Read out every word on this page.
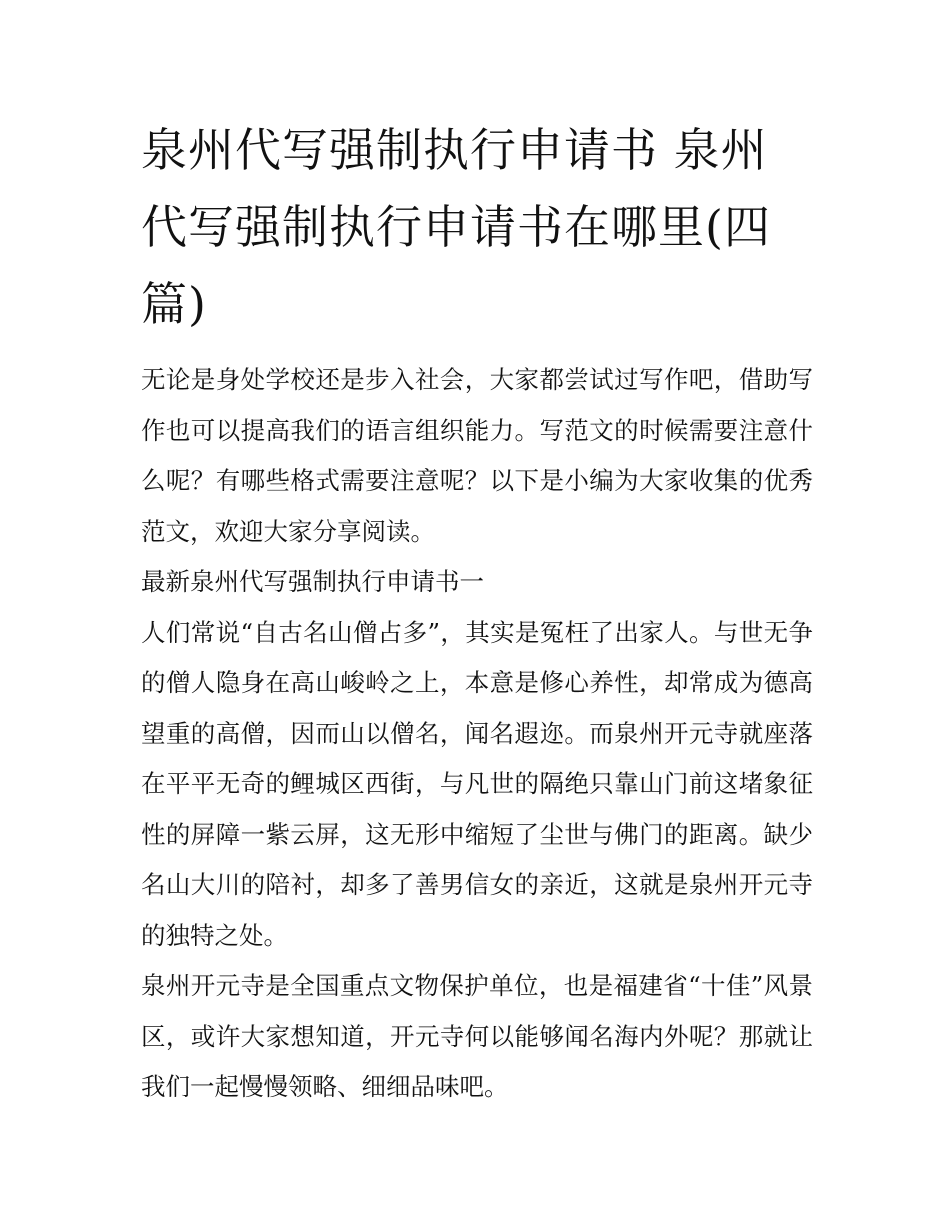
泉州代写强制执行申请书 泉州代写强制执行申请书在哪里(四篇)

无论是身处学校还是步入社会，大家都尝试过写作吧，借助写作也可以提高我们的语言组织能力。写范文的时候需要注意什么呢？有哪些格式需要注意呢？以下是小编为大家收集的优秀范文，欢迎大家分享阅读。

最新泉州代写强制执行申请书一

人们常说“自古名山僧占多”，其实是冤枉了出家人。与世无争的僧人隐身在高山峻岭之上，本意是修心养性，却常成为德高望重的高僧，因而山以僧名，闻名遐迩。而泉州开元寺就座落在平平无奇的鲤城区西街，与凡世的隔绝只靠山门前这堵象征性的屏障一紫云屏，这无形中缩短了尘世与佛门的距离。缺少名山大川的陪衬，却多了善男信女的亲近，这就是泉州开元寺的独特之处。

泉州开元寺是全国重点文物保护单位，也是福建省“十佳”风景区，或许大家想知道，开元寺何以能够闻名海内外呢？那就让我们一起慢慢领略、细细品味吧。
